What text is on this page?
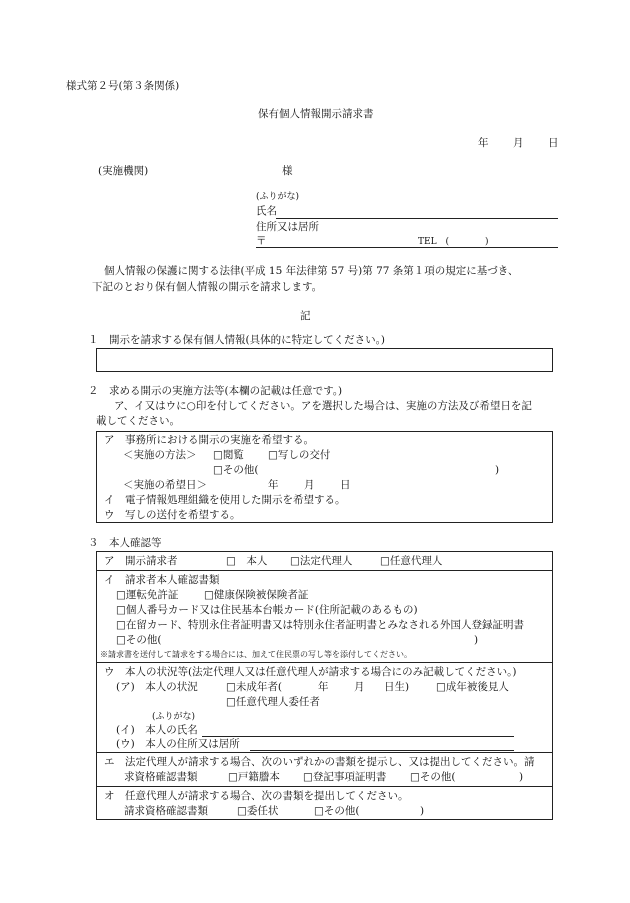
様式第２号(第３条関係)
保有個人情報開示請求書
年 月 日
(実施機関)	様
(ふりがな)
氏名
住所又は居所
〒	TEL　(　　　　)
個人情報の保護に関する法律(平成 15 年法律第 57 号)第 77 条第１項の規定に基づき、
下記のとおり保有個人情報の開示を請求します。
記
１　開示を請求する保有個人情報(具体的に特定してください。)
２　求める開示の実施方法等(本欄の記載は任意です。)
ア、イ又はウに○印を付してください。アを選択した場合は、実施の方法及び希望日を記
載してください。
ア　事務所における開示の実施を希望する。
＜実施の方法＞ □閲覧 □写しの交付
□その他(	)
＜実施の希望日＞	年 月 日
イ　電子情報処理組織を使用した開示を希望する。
ウ　写しの送付を希望する。
３　本人確認等
ア　開示請求者	□　本人 □法定代理人	□任意代理人
イ　請求者本人確認書類
□運転免許証 □健康保険被保険者証
□個人番号カード又は住民基本台帳カード(住所記載のあるもの)
□在留カード、特別永住者証明書又は特別永住者証明書とみなされる外国人登録証明書
□その他(	)
※請求書を送付して請求をする場合には、加えて住民票の写し等を添付してください。
ウ　本人の状況等(法定代理人又は任意代理人が請求する場合にのみ記載してください。)
(ア)　本人の状況	□未成年者(	年 月 日生)	□成年被後見人
□任意代理人委任者
(ふりがな)
(イ)　本人の氏名
(ウ)　本人の住所又は居所
エ　法定代理人が請求する場合、次のいずれかの書類を提示し、又は提出してください。請
求資格確認書類	□戸籍謄本 □登記事項証明書 □その他(	)
オ　任意代理人が請求する場合、次の書類を提出してください。
請求資格確認書類	□委任状	□その他(	)
